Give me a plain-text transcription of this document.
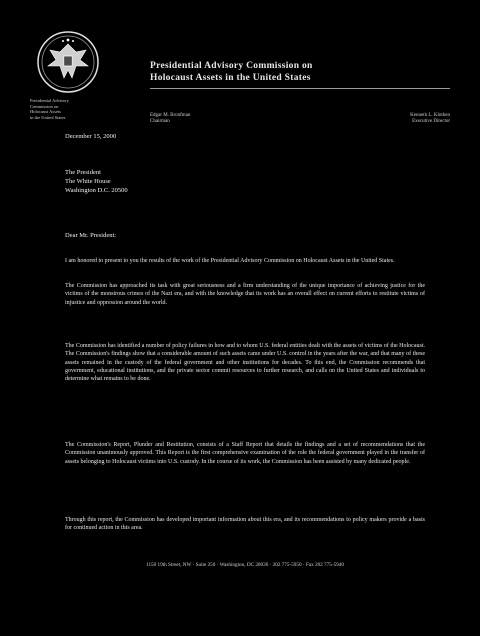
Presidential Advisory
Commission on
Holocaust Assets
in the United States
Presidential Advisory Commission on
Holocaust Assets in the United States
Edgar M. Bronfman
Chairman
Kenneth L. Klothen
Executive Director
December 15, 2000
The President
The White House
Washington D.C. 20500
Dear Mr. President:
I am honored to present to you the results of the work of the Presidential Advisory Commission on Holocaust Assets in the United States.
The Commission has approached its task with great seriousness and a firm understanding of the unique importance of achieving justice for the victims of the monstrous crimes of the Nazi era, and with the knowledge that its work has an overall effect on current efforts to restitute victims of injustice and oppression around the world.
The Commission has identified a number of policy failures in how and to whom U.S. federal entities dealt with the assets of victims of the Holocaust. The Commission's findings show that a considerable amount of such assets came under U.S. control in the years after the war, and that many of these assets remained in the custody of the federal government and other institutions for decades. To this end, the Commission recommends that government, educational institutions, and the private sector commit resources to further research, and calls on the United States and individuals to determine what remains to be done.
The Commission's Report, Plunder and Restitution, consists of a Staff Report that details the findings and a set of recommendations that the Commission unanimously approved. This Report is the first comprehensive examination of the role the federal government played in the transfer of assets belonging to Holocaust victims into U.S. custody. In the course of its work, the Commission has been assisted by many dedicated people.
Through this report, the Commission has developed important information about this era, and its recommendations to policy makers provide a basis for continued action in this area.
1150 19th Street, NW · Suite 250 · Washington, DC 20036 · 202 775-5950 · Fax 202 775-5940
